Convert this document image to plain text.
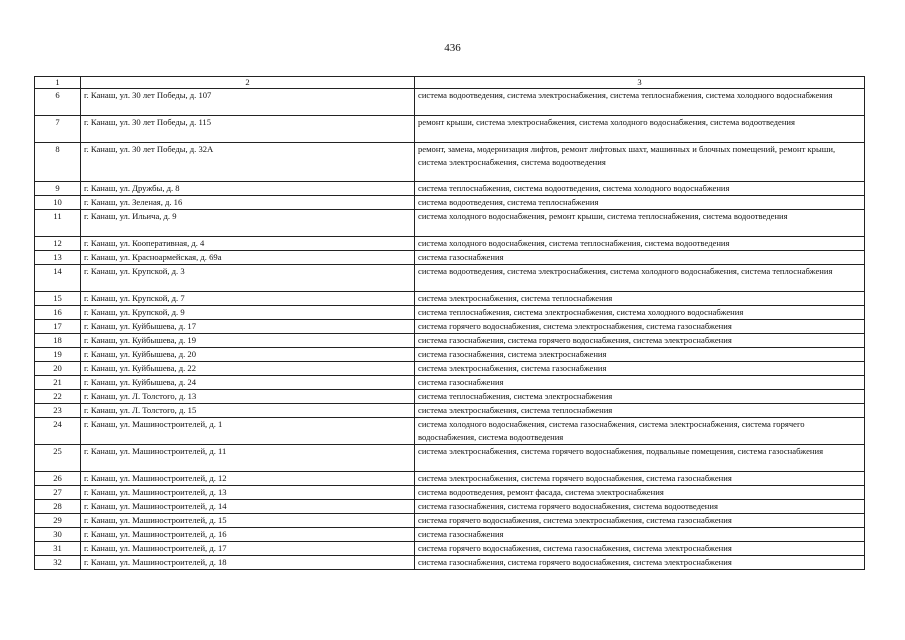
436
1	2	3
6	г. Канаш, ул. 30 лет Победы, д. 107	система водоотведения, система электроснабжения, система теплоснабжения, система холодного водоснабжения
7	г. Канаш, ул. 30 лет Победы, д. 115	ремонт крыши, система электроснабжения, система холодного водоснабжения, система водоотведения
8	г. Канаш, ул. 30 лет Победы, д. 32А	ремонт, замена, модернизация лифтов, ремонт лифтовых шахт, машинных и блочных помещений, ремонт крыши, система электроснабжения, система водоотведения
9	г. Канаш, ул. Дружбы, д. 8	система теплоснабжения, система водоотведения, система холодного водоснабжения
10	г. Канаш, ул. Зеленая, д. 16	система водоотведения, система теплоснабжения
11	г. Канаш, ул. Ильича, д. 9	система холодного водоснабжения, ремонт крыши, система теплоснабжения, система водоотведения
12	г. Канаш, ул. Кооперативная, д. 4	система холодного водоснабжения, система теплоснабжения, система водоотведения
13	г. Канаш, ул. Красноармейская, д. 69а	система газоснабжения
14	г. Канаш, ул. Крупской, д. 3	система водоотведения, система электроснабжения, система холодного водоснабжения, система теплоснабжения
15	г. Канаш, ул. Крупской, д. 7	система электроснабжения, система теплоснабжения
16	г. Канаш, ул. Крупской, д. 9	система теплоснабжения, система электроснабжения, система холодного водоснабжения
17	г. Канаш, ул. Куйбышева, д. 17	система горячего водоснабжения, система электроснабжения, система газоснабжения
18	г. Канаш, ул. Куйбышева, д. 19	система газоснабжения, система горячего водоснабжения, система электроснабжения
19	г. Канаш, ул. Куйбышева, д. 20	система газоснабжения, система электроснабжения
20	г. Канаш, ул. Куйбышева, д. 22	система электроснабжения, система газоснабжения
21	г. Канаш, ул. Куйбышева, д. 24	система газоснабжения
22	г. Канаш, ул. Л. Толстого, д. 13	система теплоснабжения, система электроснабжения
23	г. Канаш, ул. Л. Толстого, д. 15	система электроснабжения, система теплоснабжения
24	г. Канаш, ул. Машиностроителей, д. 1	система холодного водоснабжения, система газоснабжения, система электроснабжения, система горячего водоснабжения, система водоотведения
25	г. Канаш, ул. Машиностроителей, д. 11	система электроснабжения, система горячего водоснабжения, подвальные помещения, система газоснабжения
26	г. Канаш, ул. Машиностроителей, д. 12	система электроснабжения, система горячего водоснабжения, система газоснабжения
27	г. Канаш, ул. Машиностроителей, д. 13	система водоотведения, ремонт фасада, система электроснабжения
28	г. Канаш, ул. Машиностроителей, д. 14	система газоснабжения, система горячего водоснабжения, система водоотведения
29	г. Канаш, ул. Машиностроителей, д. 15	система горячего водоснабжения, система электроснабжения, система газоснабжения
30	г. Канаш, ул. Машиностроителей, д. 16	система газоснабжения
31	г. Канаш, ул. Машиностроителей, д. 17	система горячего водоснабжения, система газоснабжения, система электроснабжения
32	г. Канаш, ул. Машиностроителей, д. 18	система газоснабжения, система горячего водоснабжения, система электроснабжения
